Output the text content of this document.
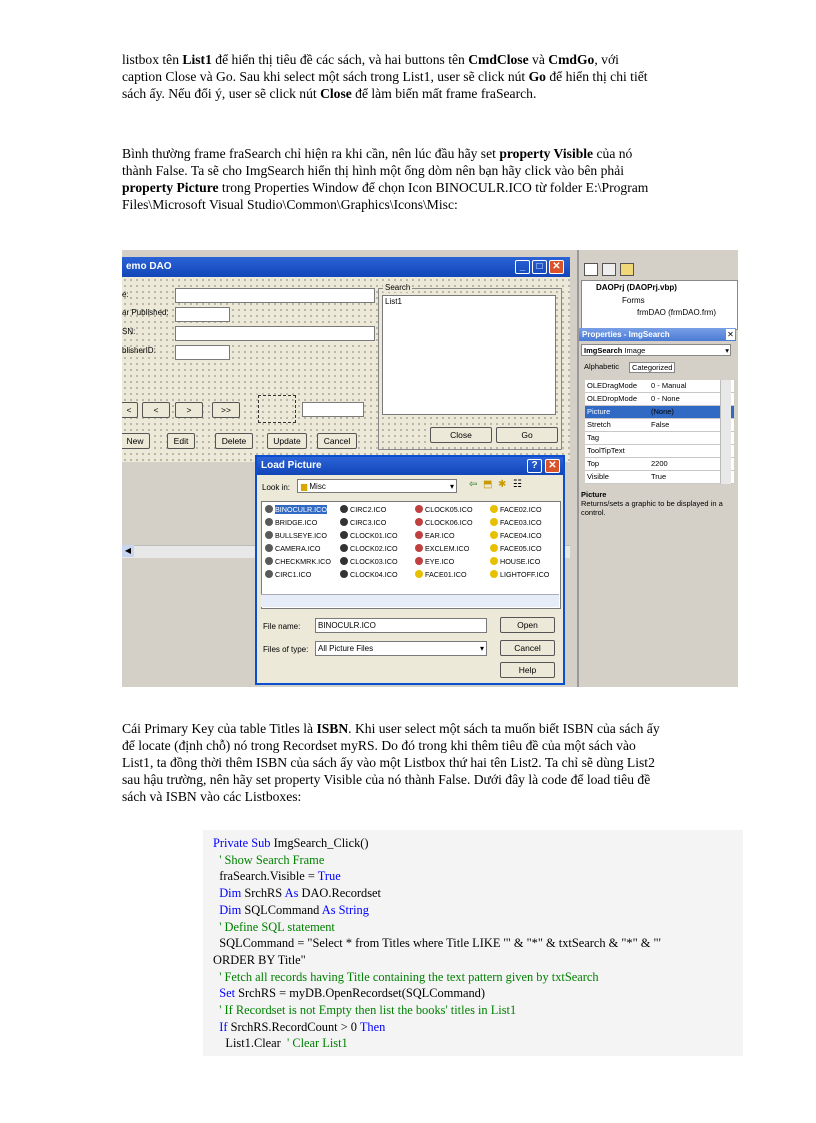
listbox tên List1 để hiển thị tiêu đề các sách, và hai buttons tên CmdClose và CmdGo, với caption Close và Go. Sau khi select một sách trong List1, user sẽ click nút Go để hiển thị chi tiết sách ấy. Nếu đổi ý, user sẽ click nút Close để làm biến mất frame fraSearch.
Bình thường frame fraSearch chỉ hiện ra khi cần, nên lúc đầu hãy set property Visible của nó thành False. Ta sẽ cho ImgSearch hiển thị hình một ống dòm nên bạn hãy click vào bên phải property Picture trong Properties Window để chọn Icon BINOCULR.ICO từ folder E:\Program Files\Microsoft Visual Studio\Common\Graphics\Icons\Misc:
emo DAO	_	□ ✕
e:
ar Published:
SN:
blisherID:
<	<	>	>>
New	Edit	Delete	Update	Cancel
Search
List1
Close	Go
◀
DAOPrj (DAOPrj.vbp)
Forms
frmDAO (frmDAO.frm)
Properties - ImgSearch	✕
ImgSearch Image	▾
Alphabetic	Categorized
OLEDragMode 0 - Manual
OLEDropMode 0 - None
Picture	(None)
Stretch	False
Tag
ToolTipText
Top	2200
Visible	True
Picture
Returns/sets a graphic to be displayed in a control.
Load Picture	?	✕
Look in:	▆ Misc	▾ ⇦ ⬒ ✱ ☷
BINOCULR.ICO	CIRC2.ICO	CLOCK05.ICO	FACE02.ICO
BRIDGE.ICO	CIRC3.ICO	CLOCK06.ICO	FACE03.ICO
BULLSEYE.ICO	CLOCK01.ICO	EAR.ICO	FACE04.ICO
CAMERA.ICO	CLOCK02.ICO	EXCLEM.ICO	FACE05.ICO
CHECKMRK.ICO	CLOCK03.ICO	EYE.ICO	HOUSE.ICO
CIRC1.ICO	CLOCK04.ICO	FACE01.ICO	LIGHTOFF.ICO
File name:	BINOCULR.ICO
Files of type:	All Picture Files	▾
Open
Cancel
Help
Cái Primary Key của table Titles là ISBN. Khi user select một sách ta muốn biết ISBN của sách ấy để locate (định chỗ) nó trong Recordset myRS. Do đó trong khi thêm tiêu đề của một sách vào List1, ta đồng thời thêm ISBN của sách ấy vào một Listbox thứ hai tên List2. Ta chỉ sẽ dùng List2 sau hậu trường, nên hãy set property Visible của nó thành False. Dưới đây là code để load tiêu đề sách và ISBN vào các Listboxes:
Private Sub ImgSearch_Click()
' Show Search Frame
fraSearch.Visible = True
Dim SrchRS As DAO.Recordset
Dim SQLCommand As String
' Define SQL statement
SQLCommand = "Select * from Titles where Title LIKE '" & "*" & txtSearch & "*" & "'
ORDER BY Title"
' Fetch all records having Title containing the text pattern given by txtSearch
Set SrchRS = myDB.OpenRecordset(SQLCommand)
' If Recordset is not Empty then list the books' titles in List1
If SrchRS.RecordCount > 0 Then
List1.Clear  ' Clear List1
